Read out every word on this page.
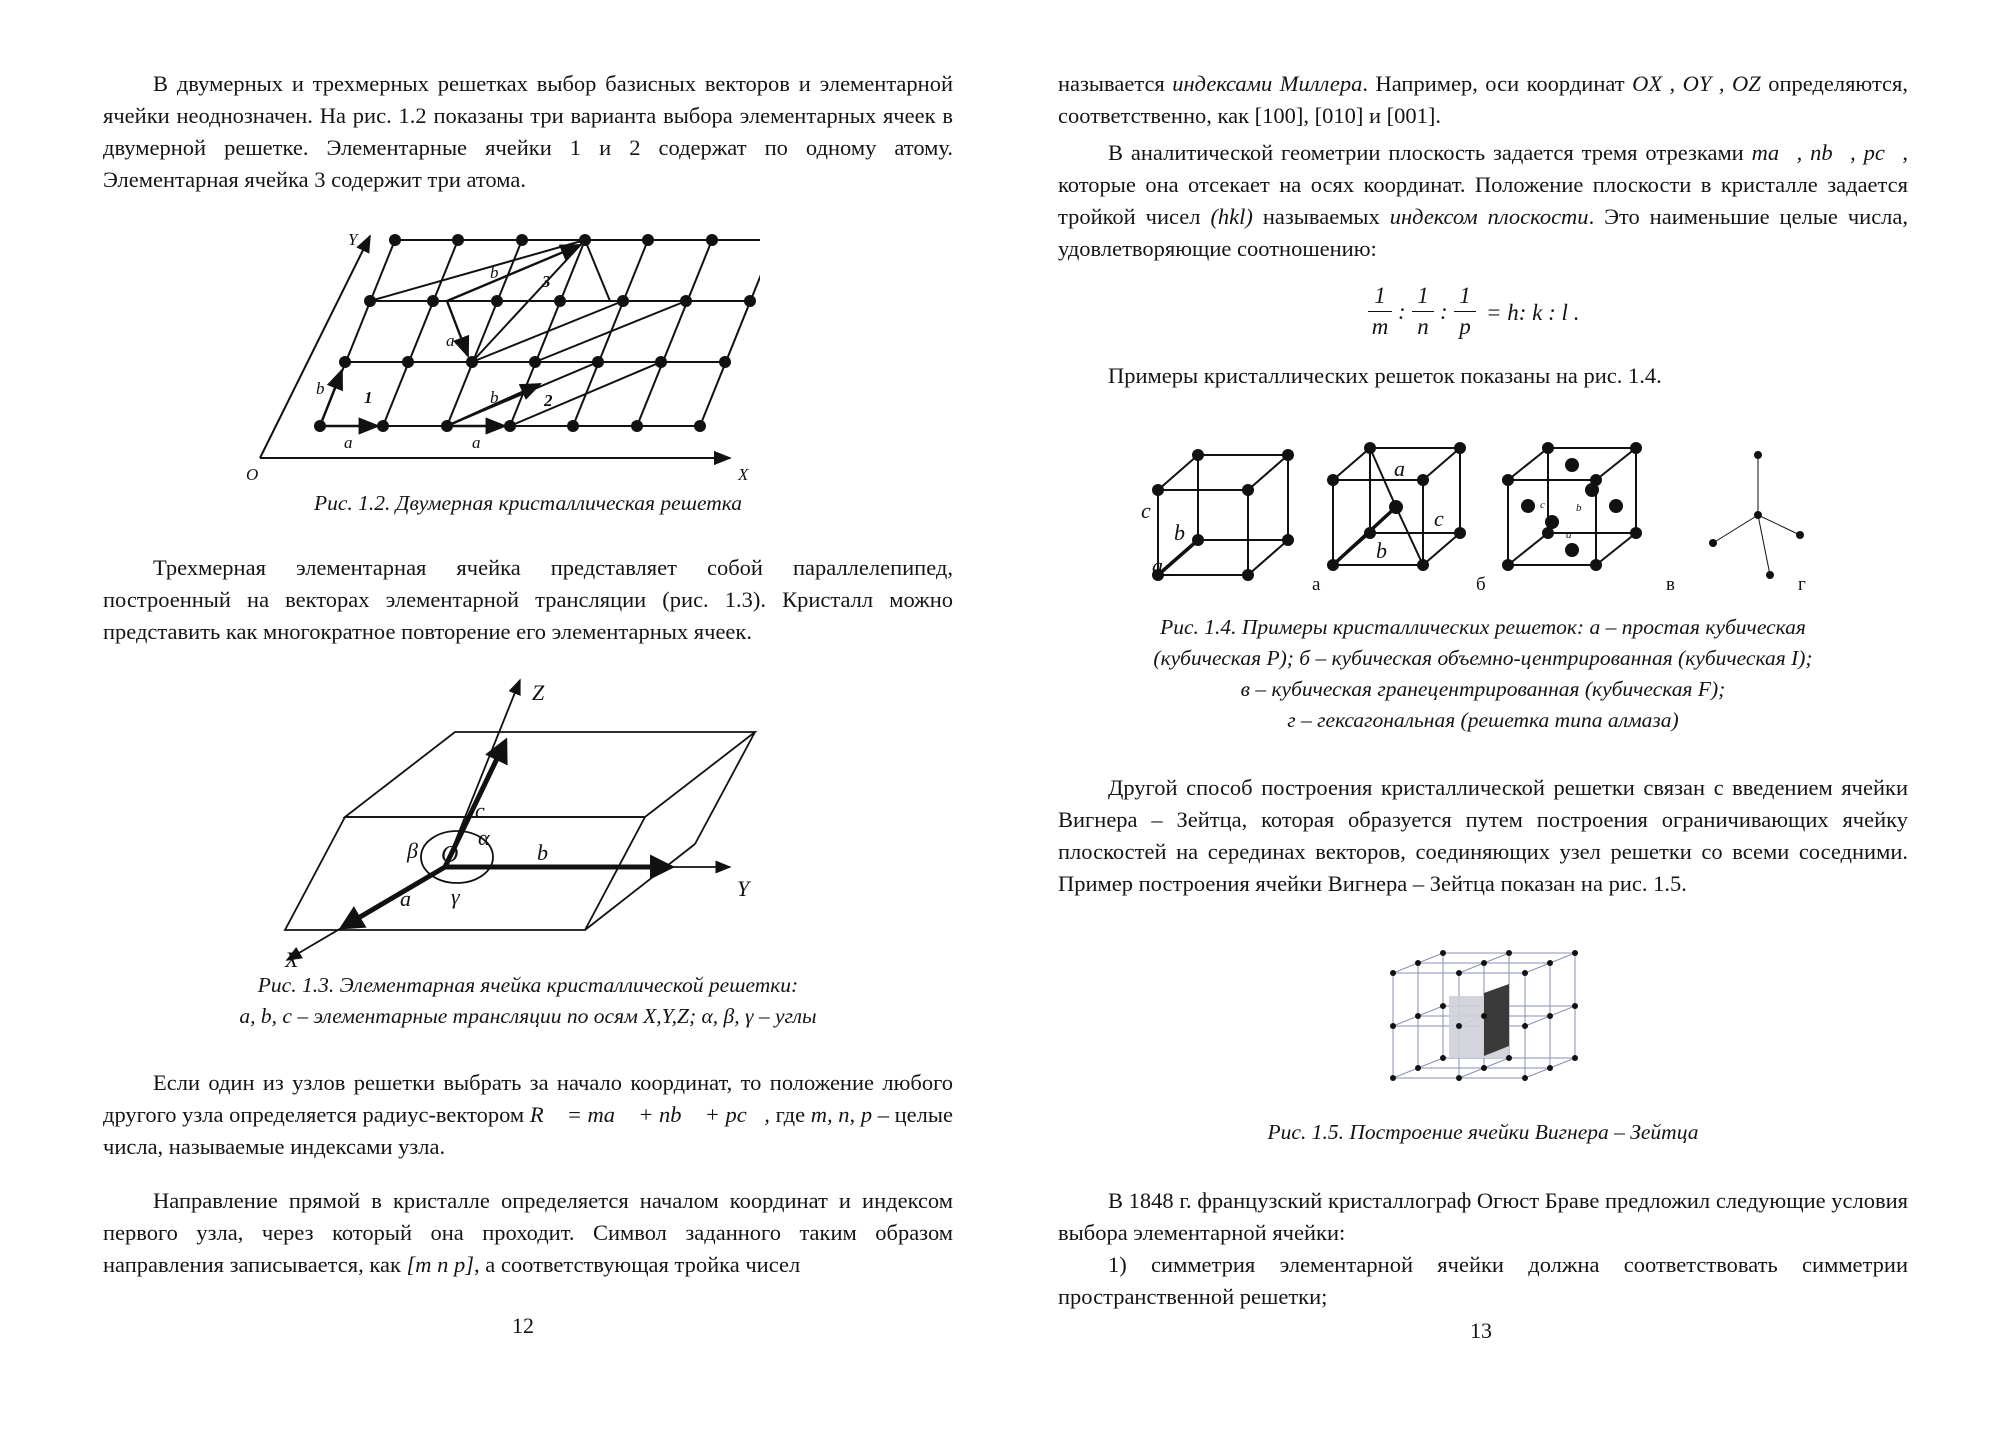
В двумерных и трехмерных решетках выбор базисных векторов и элементарной ячейки неоднозначен. На рис. 1.2 показаны три варианта выбора элементарных ячеек в двумерной решетке. Элементарные ячейки 1 и 2 содержат по одному атому. Элементарная ячейка 3 содержит три атома.

Y
X
O
a	a
a
b	b
b
1	2
3

Рис. 1.2. Двумерная кристаллическая решетка

Трехмерная элементарная ячейка представляет собой параллелепипед, построенный на векторах элементарной трансляции (рис. 1.3). Кристалл можно представить как многократное повторение его элементарных ячеек.

Z
Y
X
O
a
b
c
α
β
γ

Рис. 1.3. Элементарная ячейка кристаллической решетки:

a, b, c – элементарные трансляции по осям X,Y,Z; α, β, γ – углы

Если один из узлов решетки выбрать за начало координат, то положение любого другого узла определяется радиус-вектором R⃗ = ma⃗ + nb⃗ + pc⃗, где m, n, p – целые числа, называемые индексами узла.

Направление прямой в кристалле определяется началом координат и индексом первого узла, через который она проходит. Символ заданного таким образом направления записывается, как [m n p], а соответствующая тройка чисел

12

называется индексами Миллера. Например, оси координат OX , OY , OZ определяются, соответственно, как [100], [010] и [001].

В аналитической геометрии плоскость задается тремя отрезками ma⃗, nb⃗, pc⃗, которые она отсекает на осях координат. Положение плоскости в кристалле задается тройкой чисел (hkl) называемых индексом плоскости. Это наименьшие целые числа, удовлетворяющие соотношению:

1
m
:
1
n
:
1
p
= h: k : l .

Примеры кристаллических решеток показаны на рис. 1.4.

c
b
a
a
b
c
c	b
a
а	б	в	г

Рис. 1.4. Примеры кристаллических решеток: а – простая кубическая

(кубическая P); б – кубическая объемно-центрированная (кубическая I);

в – кубическая гранецентрированная (кубическая F);

г – гексагональная (решетка типа алмаза)

Другой способ построения кристаллической решетки связан с введением ячейки Вигнера – Зейтца, которая образуется путем построения ограничивающих ячейку плоскостей на серединах векторов, соединяющих узел решетки со всеми соседними. Пример построения ячейки Вигнера – Зейтца показан на рис. 1.5.

Рис. 1.5. Построение ячейки Вигнера – Зейтца

В 1848 г. французский кристаллограф Огюст Браве предложил следующие условия выбора элементарной ячейки:

1) симметрия элементарной ячейки должна соответствовать симметрии пространственной решетки;

13
